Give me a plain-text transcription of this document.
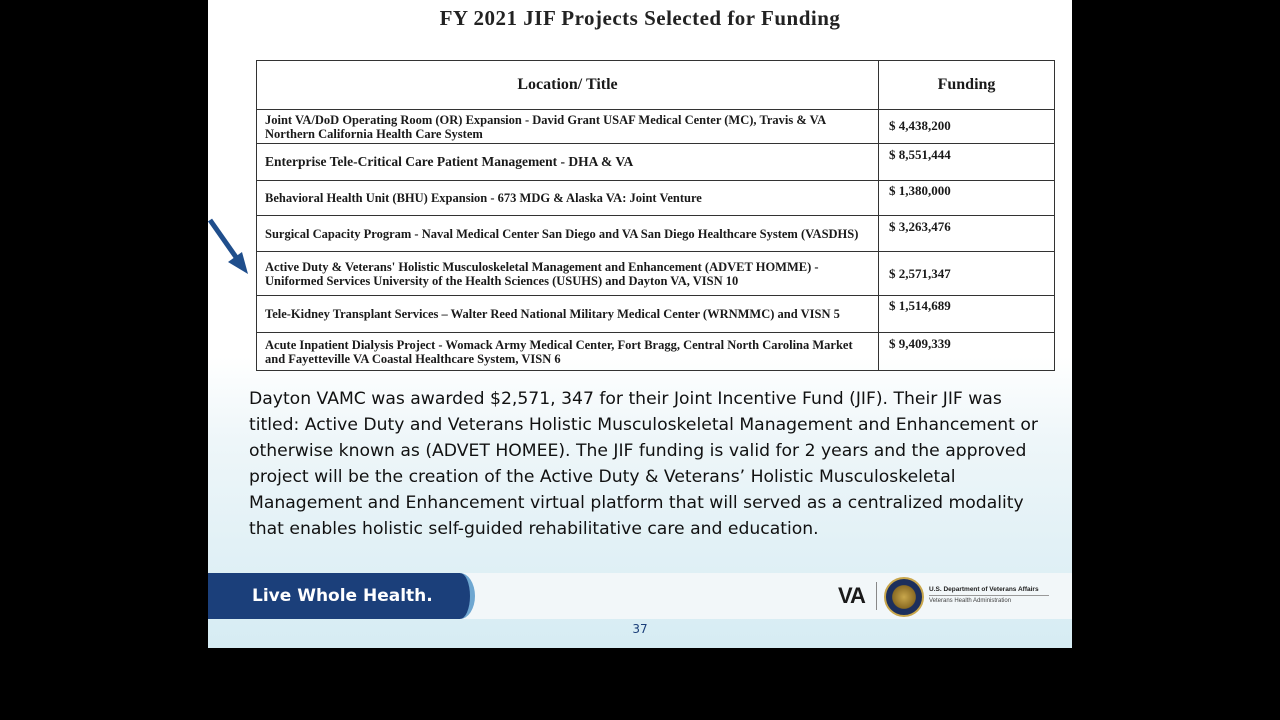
FY 2021 JIF Projects Selected for Funding
Location/ Title	Funding
Joint VA/DoD Operating Room (OR) Expansion - David Grant USAF Medical Center (MC), Travis & VA Northern California Health Care System	$ 4,438,200
Enterprise Tele-Critical Care Patient Management - DHA & VA	$ 8,551,444
Behavioral Health Unit (BHU) Expansion - 673 MDG & Alaska VA: Joint Venture	$ 1,380,000
Surgical Capacity Program - Naval Medical Center San Diego and VA San Diego Healthcare System (VASDHS)	$ 3,263,476
Active Duty & Veterans' Holistic Musculoskeletal Management and Enhancement (ADVET HOMME) - Uniformed Services University of the Health Sciences (USUHS) and Dayton VA, VISN 10	$ 2,571,347
Tele-Kidney Transplant Services – Walter Reed National Military Medical Center (WRNMMC) and VISN 5	$ 1,514,689
Acute Inpatient Dialysis Project - Womack Army Medical Center, Fort Bragg, Central North Carolina Market and Fayetteville VA Coastal Healthcare System, VISN 6	$ 9,409,339
Dayton VAMC was awarded $2,571, 347 for their Joint Incentive Fund (JIF). Their JIF was titled: Active Duty and Veterans Holistic Musculoskeletal Management and Enhancement or otherwise known as (ADVET HOMEE). The JIF funding is valid for 2 years and the approved project will be the creation of the Active Duty & Veterans’ Holistic Musculoskeletal Management and Enhancement virtual platform that will served as a centralized modality that enables holistic self-guided rehabilitative care and education.
Live Whole Health.	VA	U.S. Department of Veterans Affairs
Veterans Health Administration
37
